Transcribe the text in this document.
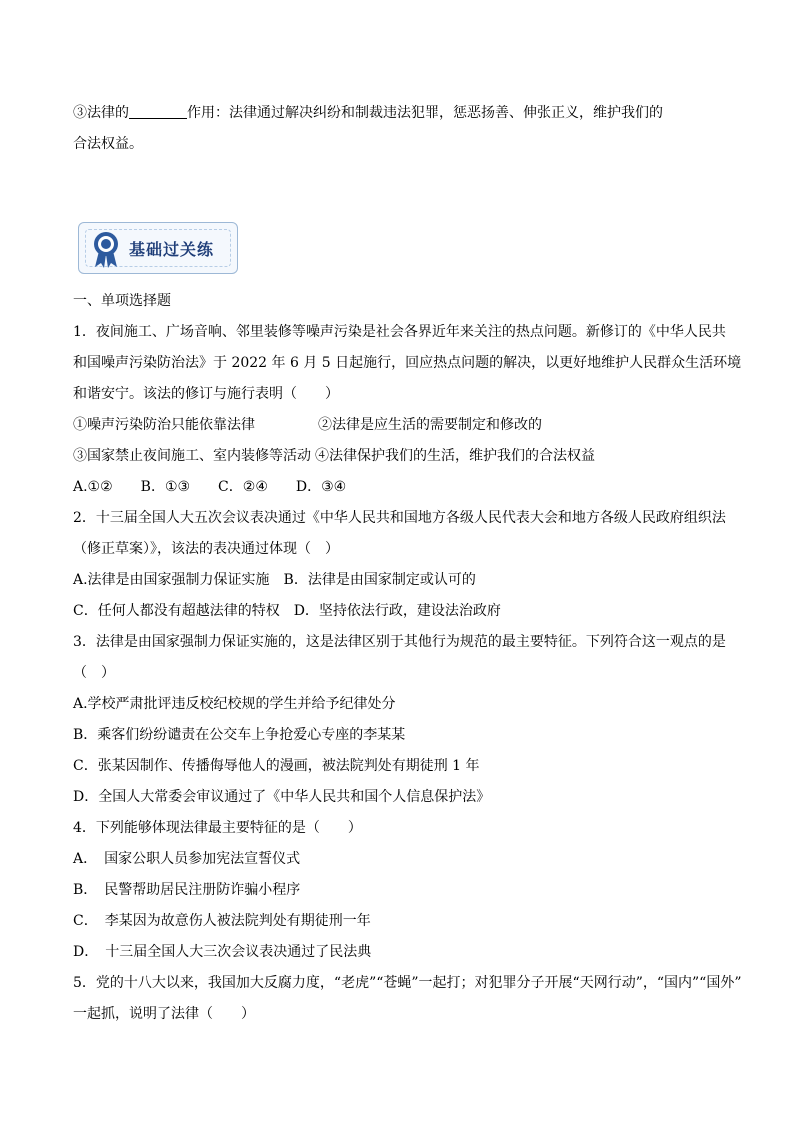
③法律的	作用：法律通过解决纠纷和制裁违法犯罪，惩恶扬善、伸张正义，维护我们的
合法权益。
基础过关练
一、单项选择题
1．夜间施工、广场音响、邻里装修等噪声污染是社会各界近年来关注的热点问题。新修订的《中华人民共
和国噪声污染防治法》于 2022 年 6 月 5 日起施行，回应热点问题的解决，以更好地维护人民群众生活环境
和谐安宁。该法的修订与施行表明（　　）
①噪声污染防治只能依靠法律	②法律是应生活的需要制定和修改的
③国家禁止夜间施工、室内装修等活动 ④法律保护我们的生活，维护我们的合法权益
A.①②　　B．①③　　C．②④　　D．③④
2．十三届全国人大五次会议表决通过《中华人民共和国地方各级人民代表大会和地方各级人民政府组织法
（修正草案）》，该法的表决通过体现（　）
A.法律是由国家强制力保证实施　B．法律是由国家制定或认可的
C．任何人都没有超越法律的特权　D．坚持依法行政，建设法治政府
3．法律是由国家强制力保证实施的，这是法律区别于其他行为规范的最主要特征。下列符合这一观点的是
（　）
A.学校严肃批评违反校纪校规的学生并给予纪律处分
B．乘客们纷纷谴责在公交车上争抢爱心专座的李某某
C．张某因制作、传播侮辱他人的漫画，被法院判处有期徒刑 1 年
D．全国人大常委会审议通过了《中华人民共和国个人信息保护法》
4．下列能够体现法律最主要特征的是（　　）
A．　国家公职人员参加宪法宣誓仪式
B．　民警帮助居民注册防诈骗小程序
C．　李某因为故意伤人被法院判处有期徒刑一年
D．　十三届全国人大三次会议表决通过了民法典
5．党的十八大以来，我国加大反腐力度，“老虎”“苍蝇”一起打；对犯罪分子开展“天网行动”，“国内”“国外”
一起抓，说明了法律（　　）
